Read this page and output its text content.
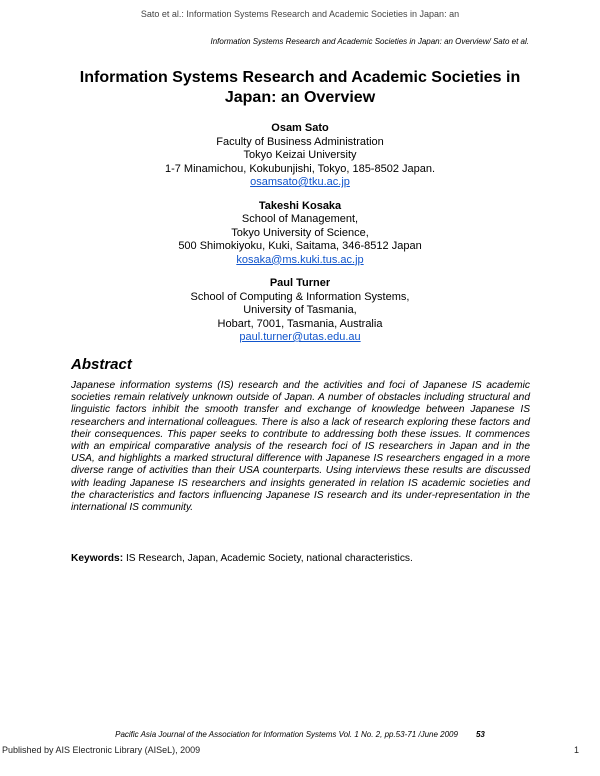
Sato et al.: Information Systems Research and Academic Societies in Japan: an
Information Systems Research and Academic Societies in Japan: an Overview/ Sato et al.
Information Systems Research and Academic Societies in Japan: an Overview
Osam Sato
Faculty of Business Administration
Tokyo Keizai University
1-7 Minamichou, Kokubunjishi, Tokyo, 185-8502 Japan.
osamsato@tku.ac.jp
Takeshi Kosaka
School of Management,
Tokyo University of Science,
500 Shimokiyoku, Kuki, Saitama, 346-8512 Japan
kosaka@ms.kuki.tus.ac.jp
Paul Turner
School of Computing & Information Systems,
University of Tasmania,
Hobart, 7001, Tasmania, Australia
paul.turner@utas.edu.au
Abstract

Japanese information systems (IS) research and the activities and foci of Japanese IS academic societies remain relatively unknown outside of Japan. A number of obstacles including structural and linguistic factors inhibit the smooth transfer and exchange of knowledge between Japanese IS researchers and international colleagues. There is also a lack of research exploring these factors and their consequences. This paper seeks to contribute to addressing both these issues. It commences with an empirical comparative analysis of the research foci of IS researchers in Japan and in the USA, and highlights a marked structural difference with Japanese IS researchers engaged in a more diverse range of activities than their USA counterparts. Using interviews these results are discussed with leading Japanese IS researchers and insights generated in relation IS academic societies and the characteristics and factors influencing Japanese IS research and its under-representation in the international IS community.

Keywords: IS Research, Japan, Academic Society, national characteristics.

Pacific Asia Journal of the Association for Information Systems Vol. 1 No. 2, pp.53-71 /June 2009 53
Published by AIS Electronic Library (AISeL), 2009	1
